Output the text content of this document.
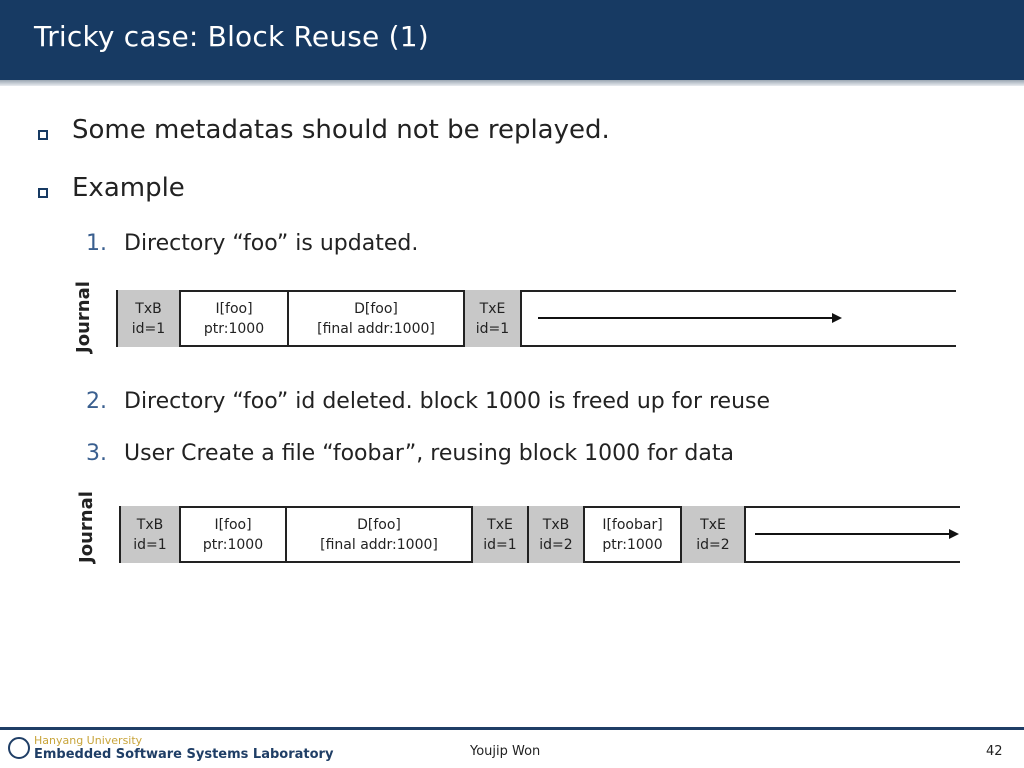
Tricky case: Block Reuse (1)
Some metadatas should not be replayed.
Example
1. Directory “foo” is updated.
Journal	TxB
id=1
I[foo]
ptr:1000
D[foo]
[final addr:1000]
TxE
id=1
2. Directory “foo” id deleted. block 1000 is freed up for reuse
3. User Create a file “foobar”, reusing block 1000 for data
Journal	TxB
id=1
I[foo]
ptr:1000
D[foo]
[final addr:1000]
TxE
id=1
TxB
id=2
I[foobar]
ptr:1000
TxE
id=2
Hanyang University
Embedded Software Systems Laboratory	Youjip Won	42
